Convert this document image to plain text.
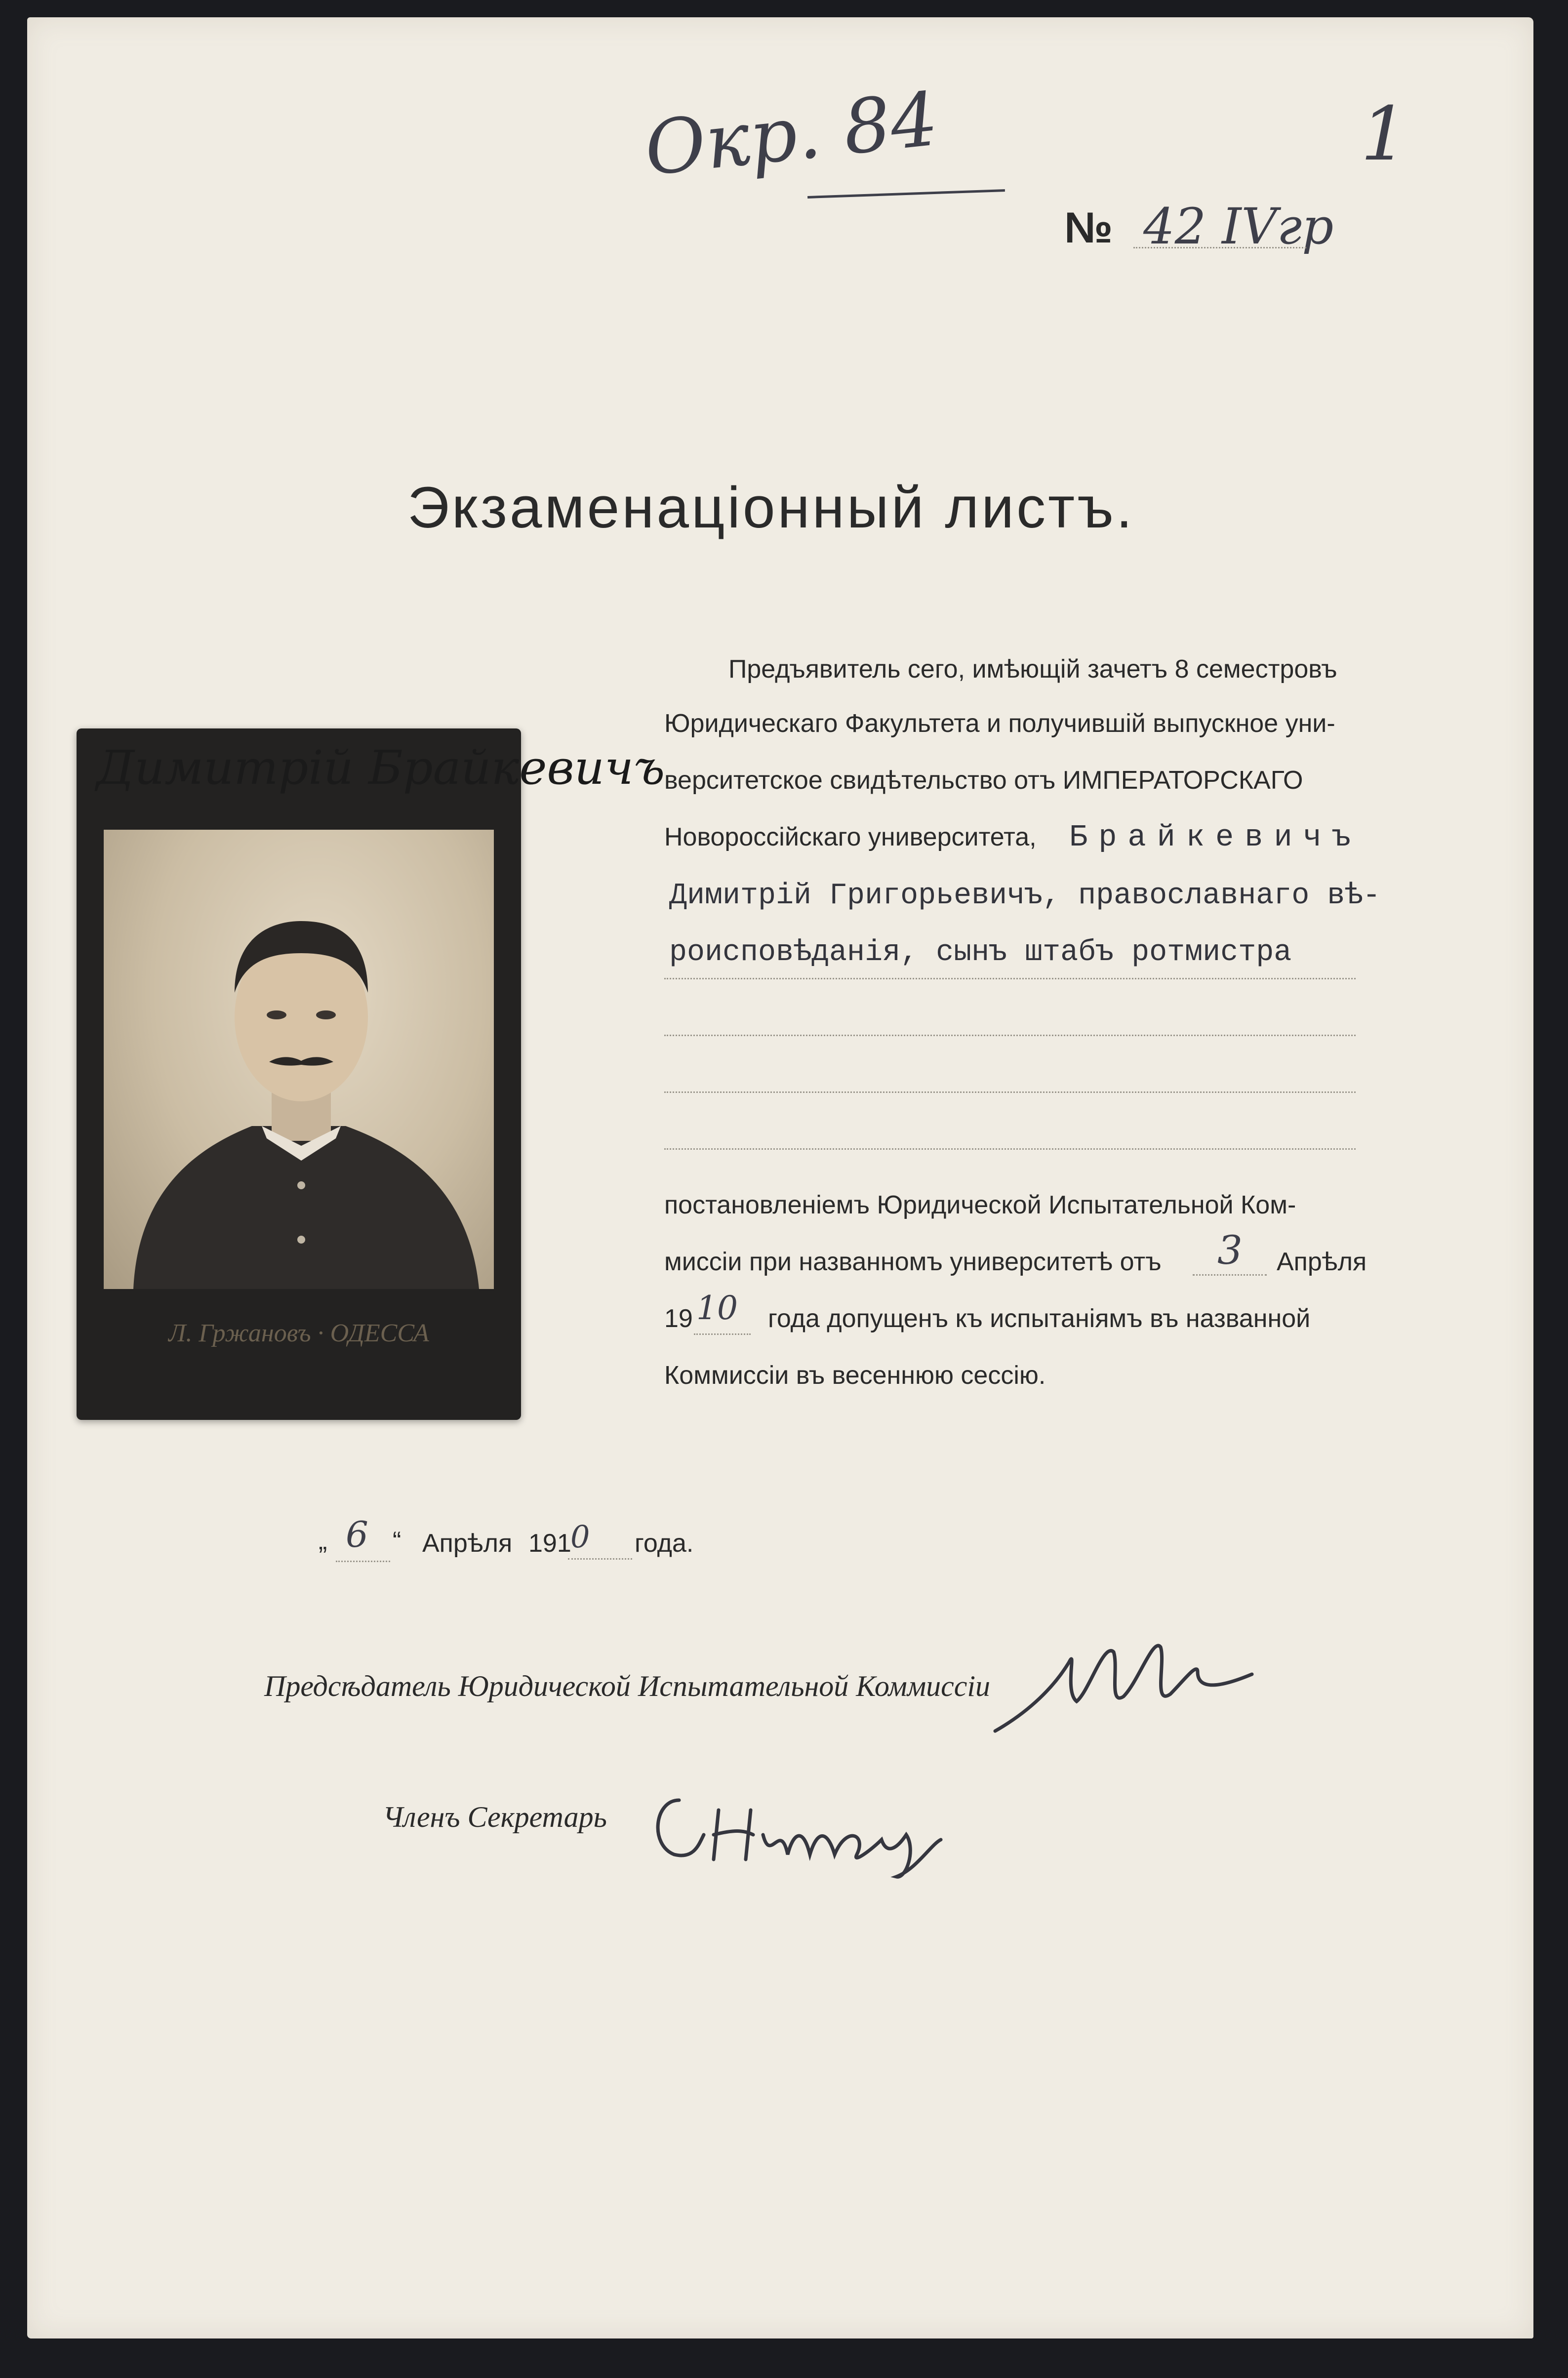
Окр. 84	1
№ 42 IVгр
Экзаменаціонный листъ.
Предъявитель сего, имѣющій зачетъ 8 семестровъ
Юридическаго Факультета и получившій выпускное уни-
верситетское свидѣтельство отъ ИМПЕРАТОРСКАГО
Новороссійскаго университета, Брайкевичъ
Димитрій Григорьевичъ, православнаго вѣ-
роисповѣданія, сынъ штабъ ротмистра
постановленіемъ Юридической Испытательной Ком-
миссіи при названномъ университетѣ отъ 3 Апрѣля
19 10 года допущенъ къ испытаніямъ въ названной
Коммиссіи въ весеннюю сессію.
„ 6 “ Апрѣля 191
0 года.
Предсѣдатель Юридической Испытательной Коммиссіи
Членъ Секретарь
Димитрій Брайкевичъ
Л. Гржановъ · ОДЕССА
